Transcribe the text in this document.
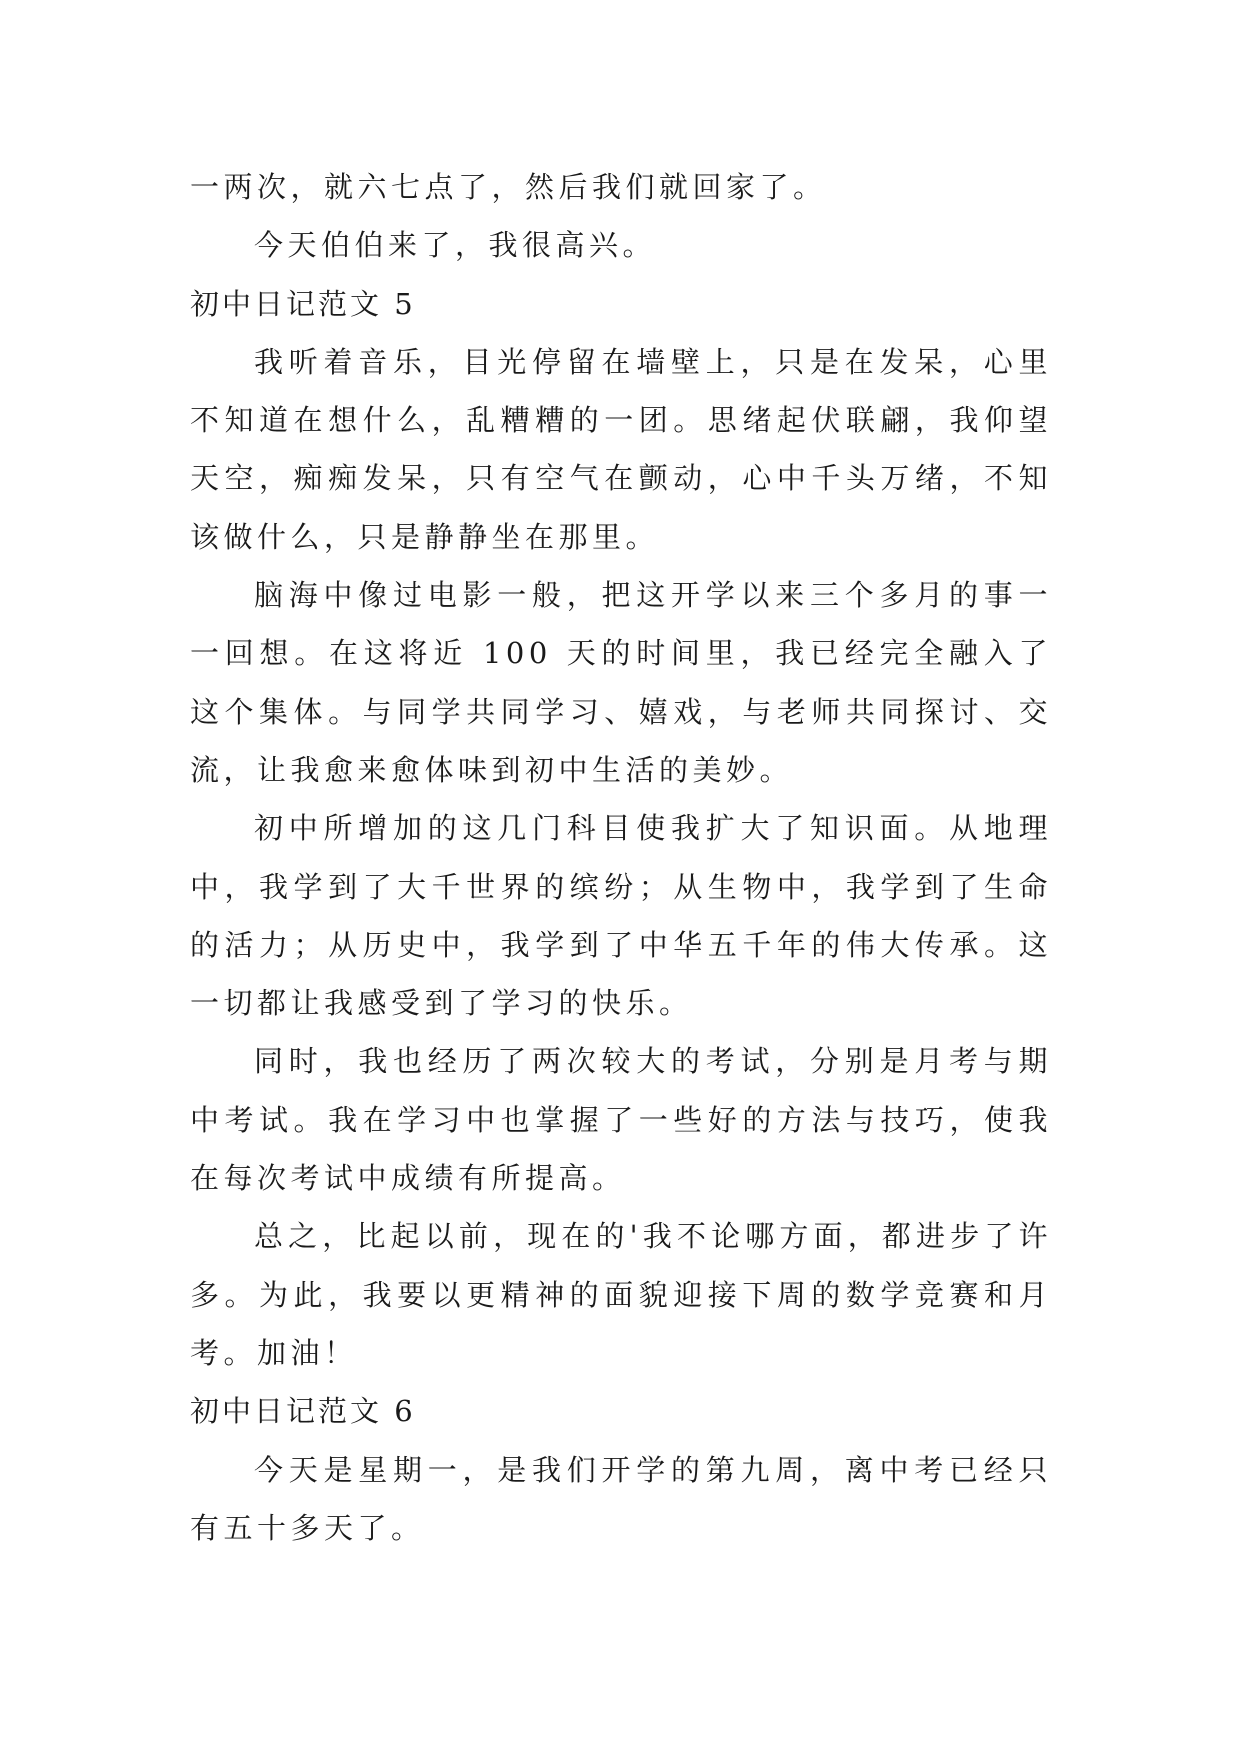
一两次，就六七点了，然后我们就回家了。

今天伯伯来了，我很高兴。

初中日记范文 5

我听着音乐，目光停留在墙壁上，只是在发呆，心里不知道在想什么，乱糟糟的一团。思绪起伏联翩，我仰望天空，痴痴发呆，只有空气在颤动，心中千头万绪，不知该做什么，只是静静坐在那里。

脑海中像过电影一般，把这开学以来三个多月的事一一回想。在这将近 100 天的时间里，我已经完全融入了这个集体。与同学共同学习、嬉戏，与老师共同探讨、交流，让我愈来愈体味到初中生活的美妙。

初中所增加的这几门科目使我扩大了知识面。从地理中，我学到了大千世界的缤纷；从生物中，我学到了生命的活力；从历史中，我学到了中华五千年的伟大传承。这一切都让我感受到了学习的快乐。

同时，我也经历了两次较大的考试，分别是月考与期中考试。我在学习中也掌握了一些好的方法与技巧，使我在每次考试中成绩有所提高。

总之，比起以前，现在的'我不论哪方面，都进步了许多。为此，我要以更精神的面貌迎接下周的数学竞赛和月考。加油！

初中日记范文 6

今天是星期一，是我们开学的第九周，离中考已经只有五十多天了。
